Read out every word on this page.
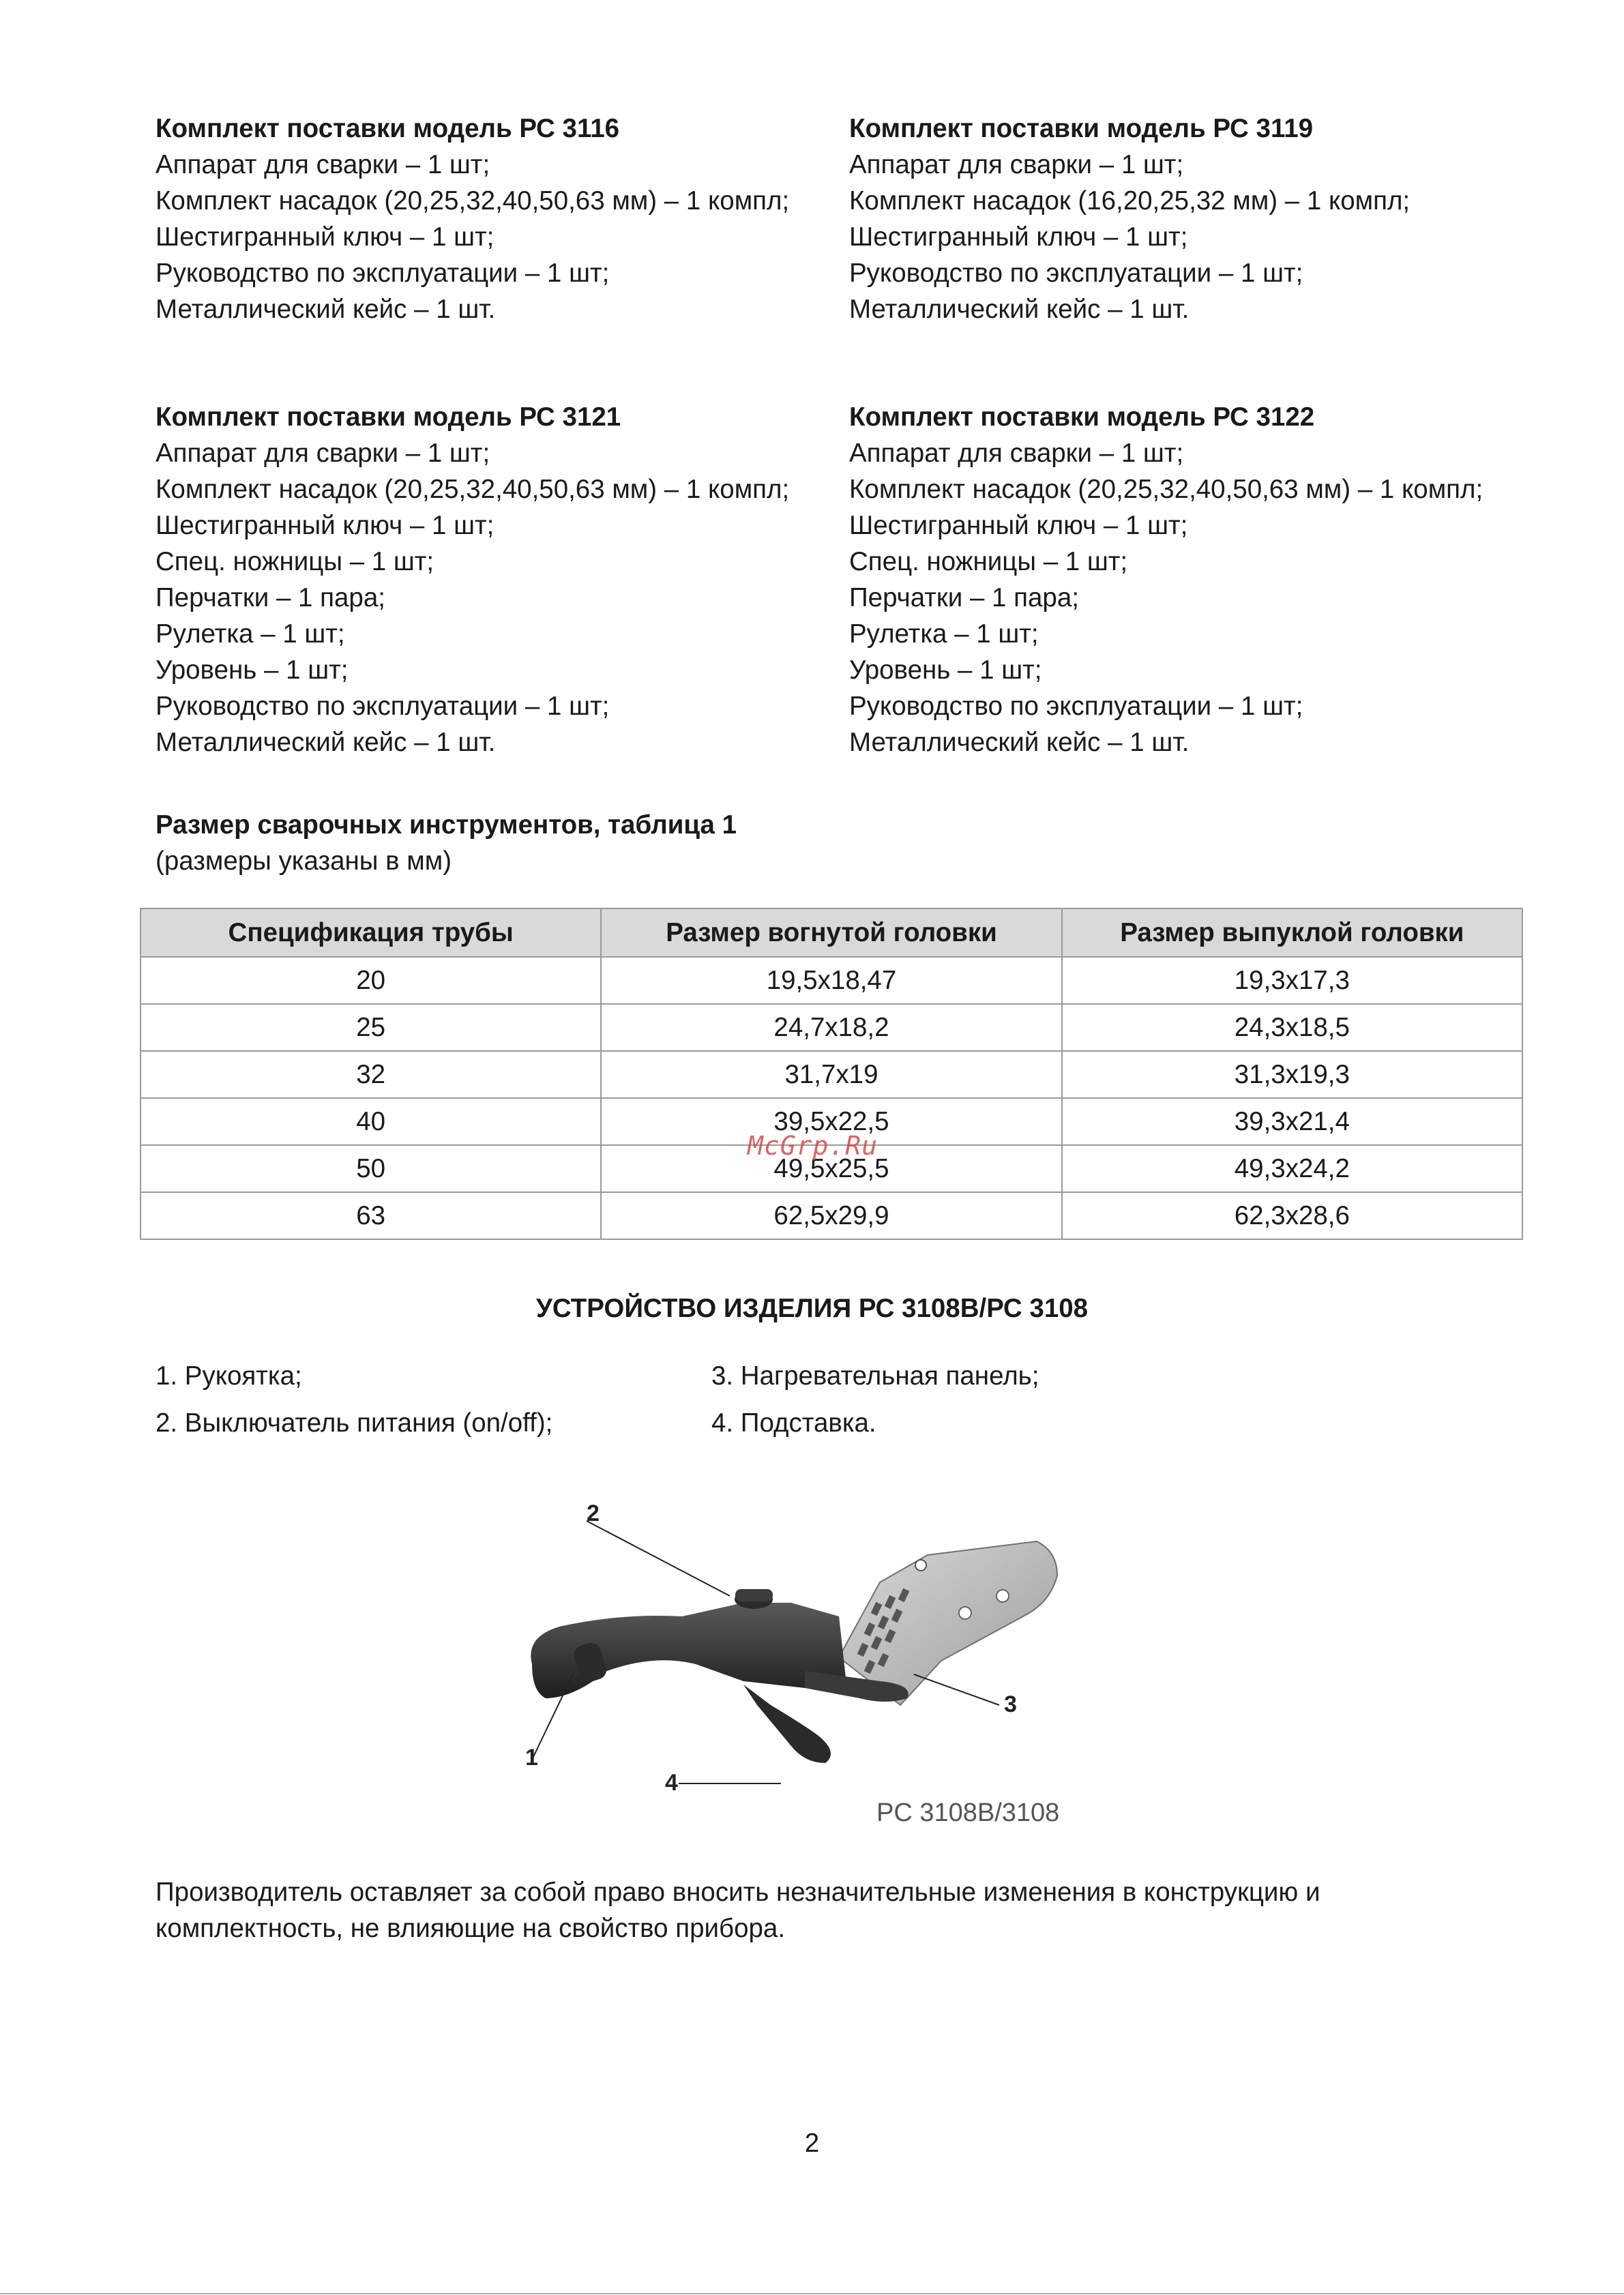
Комплект поставки модель РС 3116
Аппарат для сварки – 1 шт;
Комплект насадок (20,25,32,40,50,63 мм) – 1 компл;
Шестигранный ключ – 1 шт;
Руководство по эксплуатации – 1 шт;
Металлический кейс – 1 шт.
Комплект поставки модель РС 3119
Аппарат для сварки – 1 шт;
Комплект насадок (16,20,25,32 мм) – 1 компл;
Шестигранный ключ – 1 шт;
Руководство по эксплуатации – 1 шт;
Металлический кейс – 1 шт.
Комплект поставки модель РС 3121
Аппарат для сварки – 1 шт;
Комплект насадок (20,25,32,40,50,63 мм) – 1 компл;
Шестигранный ключ – 1 шт;
Спец. ножницы – 1 шт;
Перчатки – 1 пара;
Рулетка – 1 шт;
Уровень – 1 шт;
Руководство по эксплуатации – 1 шт;
Металлический кейс – 1 шт.
Комплект поставки модель РС 3122
Аппарат для сварки – 1 шт;
Комплект насадок (20,25,32,40,50,63 мм) – 1 компл;
Шестигранный ключ – 1 шт;
Спец. ножницы – 1 шт;
Перчатки – 1 пара;
Рулетка – 1 шт;
Уровень – 1 шт;
Руководство по эксплуатации – 1 шт;
Металлический кейс – 1 шт.
Размер сварочных инструментов, таблица 1
(размеры указаны в мм)
Спецификация трубы	Размер вогнутой головки	Размер выпуклой головки
20	19,5х18,47	19,3х17,3
25	24,7х18,2	24,3х18,5
32	31,7х19	31,3х19,3
40	39,5х22,5	39,3х21,4
50	49,5х25,5	49,3х24,2
63	62,5х29,9	62,3х28,6
McGrp.Ru
УСТРОЙСТВО ИЗДЕЛИЯ РС 3108В/РС 3108
1. Рукоятка;
2. Выключатель питания (on/off);
3. Нагревательная панель;
4. Подставка.
2
1
3
4
PC 3108B/3108
Производитель оставляет за собой право вносить незначительные изменения в конструкцию и комплектность, не влияющие на свойство прибора.
2
